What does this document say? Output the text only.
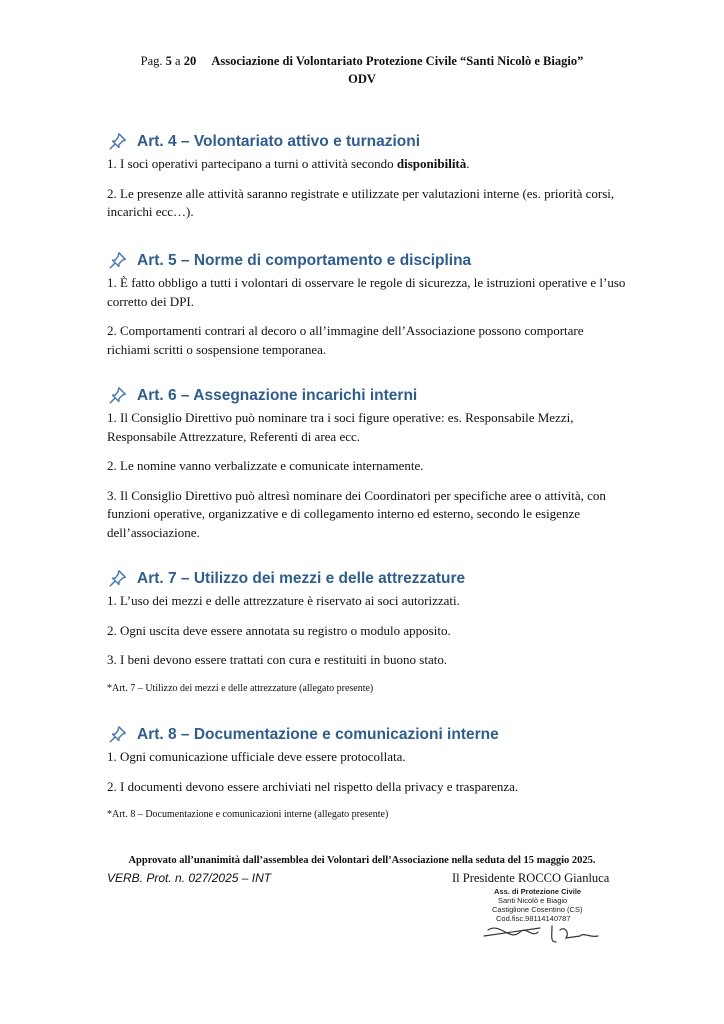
Pag. 5 a 20 Associazione di Volontariato Protezione Civile “Santi Nicolò e Biagio”
ODV
Art. 4 – Volontariato attivo e turnazioni

1. I soci operativi partecipano a turni o attività secondo disponibilità.

2. Le presenze alle attività saranno registrate e utilizzate per valutazioni interne (es. priorità corsi, incarichi ecc…).

Art. 5 – Norme di comportamento e disciplina

1. È fatto obbligo a tutti i volontari di osservare le regole di sicurezza, le istruzioni operative e l’uso corretto dei DPI.

2. Comportamenti contrari al decoro o all’immagine dell’Associazione possono comportare richiami scritti o sospensione temporanea.

Art. 6 – Assegnazione incarichi interni

1. Il Consiglio Direttivo può nominare tra i soci figure operative: es. Responsabile Mezzi, Responsabile Attrezzature, Referenti di area ecc.

2. Le nomine vanno verbalizzate e comunicate internamente.

3. Il Consiglio Direttivo può altresì nominare dei Coordinatori per specifiche aree o attività, con funzioni operative, organizzative e di collegamento interno ed esterno, secondo le esigenze dell’associazione.

Art. 7 – Utilizzo dei mezzi e delle attrezzature

1. L’uso dei mezzi e delle attrezzature è riservato ai soci autorizzati.

2. Ogni uscita deve essere annotata su registro o modulo apposito.

3. I beni devono essere trattati con cura e restituiti in buono stato.

*Art. 7 – Utilizzo dei mezzi e delle attrezzature (allegato presente)
Art. 8 – Documentazione e comunicazioni interne

1. Ogni comunicazione ufficiale deve essere protocollata.

2. I documenti devono essere archiviati nel rispetto della privacy e trasparenza.

*Art. 8 – Documentazione e comunicazioni interne (allegato presente)
Approvato all’unanimità dall’assemblea dei Volontari dell’Associazione nella seduta del 15 maggio 2025.
VERB. Prot. n. 027/2025 – INT	Il Presidente ROCCO Gianluca
Ass. di Protezione Civile
Santi Nicolò e Biagio
Castiglione Cosentino (CS)
Cod.fisc.98114140787
